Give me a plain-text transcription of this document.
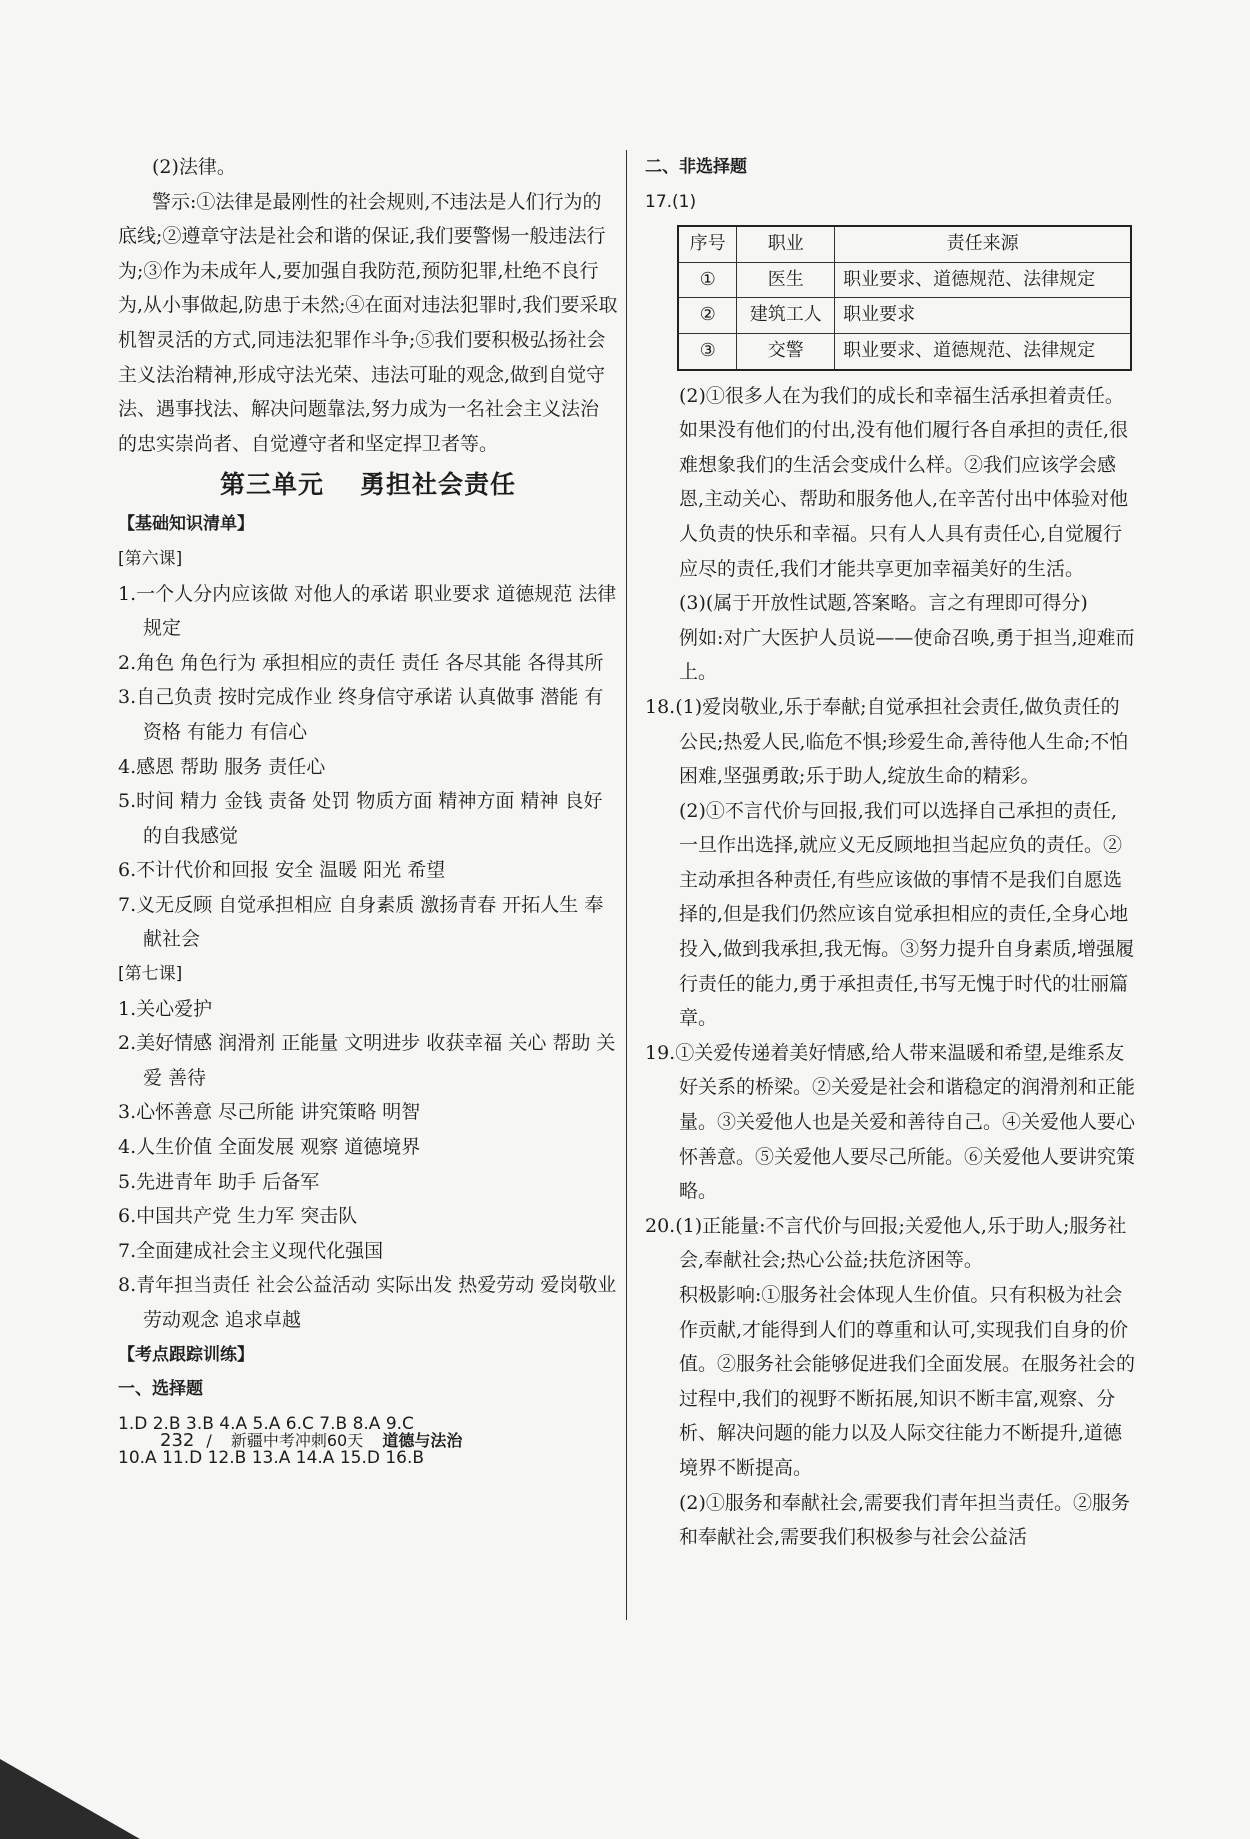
(2)法律。

警示:①法律是最刚性的社会规则,不违法是人们行为的底线;②遵章守法是社会和谐的保证,我们要警惕一般违法行为;③作为未成年人,要加强自我防范,预防犯罪,杜绝不良行为,从小事做起,防患于未然;④在面对违法犯罪时,我们要采取机智灵活的方式,同违法犯罪作斗争;⑤我们要积极弘扬社会主义法治精神,形成守法光荣、违法可耻的观念,做到自觉守法、遇事找法、解决问题靠法,努力成为一名社会主义法治的忠实崇尚者、自觉遵守者和坚定捍卫者等。

第三单元 勇担社会责任

【基础知识清单】

[第六课]

1.一个人分内应该做 对他人的承诺 职业要求 道德规范 法律规定

2.角色 角色行为 承担相应的责任 责任 各尽其能 各得其所

3.自己负责 按时完成作业 终身信守承诺 认真做事 潜能 有资格 有能力 有信心

4.感恩 帮助 服务 责任心

5.时间 精力 金钱 责备 处罚 物质方面 精神方面 精神 良好的自我感觉

6.不计代价和回报 安全 温暖 阳光 希望

7.义无反顾 自觉承担相应 自身素质 激扬青春 开拓人生 奉献社会

[第七课]

1.关心爱护

2.美好情感 润滑剂 正能量 文明进步 收获幸福 关心 帮助 关爱 善待

3.心怀善意 尽己所能 讲究策略 明智

4.人生价值 全面发展 观察 道德境界

5.先进青年 助手 后备军

6.中国共产党 生力军 突击队

7.全面建成社会主义现代化强国

8.青年担当责任 社会公益活动 实际出发 热爱劳动 爱岗敬业 劳动观念 追求卓越

【考点跟踪训练】

一、选择题

1.D 2.B 3.B 4.A 5.A 6.C 7.B 8.A 9.C

10.A 11.D 12.B 13.A 14.A 15.D 16.B

二、非选择题

17.(1)

序号	职业	责任来源
①	医生	职业要求、道德规范、法律规定
②	建筑工人	职业要求
③	交警	职业要求、道德规范、法律规定

(2)①很多人在为我们的成长和幸福生活承担着责任。如果没有他们的付出,没有他们履行各自承担的责任,很难想象我们的生活会变成什么样。②我们应该学会感恩,主动关心、帮助和服务他人,在辛苦付出中体验对他人负责的快乐和幸福。只有人人具有责任心,自觉履行应尽的责任,我们才能共享更加幸福美好的生活。

(3)(属于开放性试题,答案略。言之有理即可得分)

例如:对广大医护人员说——使命召唤,勇于担当,迎难而上。

18.(1)爱岗敬业,乐于奉献;自觉承担社会责任,做负责任的公民;热爱人民,临危不惧;珍爱生命,善待他人生命;不怕困难,坚强勇敢;乐于助人,绽放生命的精彩。

(2)①不言代价与回报,我们可以选择自己承担的责任,一旦作出选择,就应义无反顾地担当起应负的责任。②主动承担各种责任,有些应该做的事情不是我们自愿选择的,但是我们仍然应该自觉承担相应的责任,全身心地投入,做到我承担,我无悔。③努力提升自身素质,增强履行责任的能力,勇于承担责任,书写无愧于时代的壮丽篇章。

19.①关爱传递着美好情感,给人带来温暖和希望,是维系友好关系的桥梁。②关爱是社会和谐稳定的润滑剂和正能量。③关爱他人也是关爱和善待自己。④关爱他人要心怀善意。⑤关爱他人要尽己所能。⑥关爱他人要讲究策略。

20.(1)正能量:不言代价与回报;关爱他人,乐于助人;服务社会,奉献社会;热心公益;扶危济困等。

积极影响:①服务社会体现人生价值。只有积极为社会作贡献,才能得到人们的尊重和认可,实现我们自身的价值。②服务社会能够促进我们全面发展。在服务社会的过程中,我们的视野不断拓展,知识不断丰富,观察、分析、解决问题的能力以及人际交往能力不断提升,道德境界不断提高。

(2)①服务和奉献社会,需要我们青年担当责任。②服务和奉献社会,需要我们积极参与社会公益活

232 / 新疆中考冲刺60天 道德与法治
